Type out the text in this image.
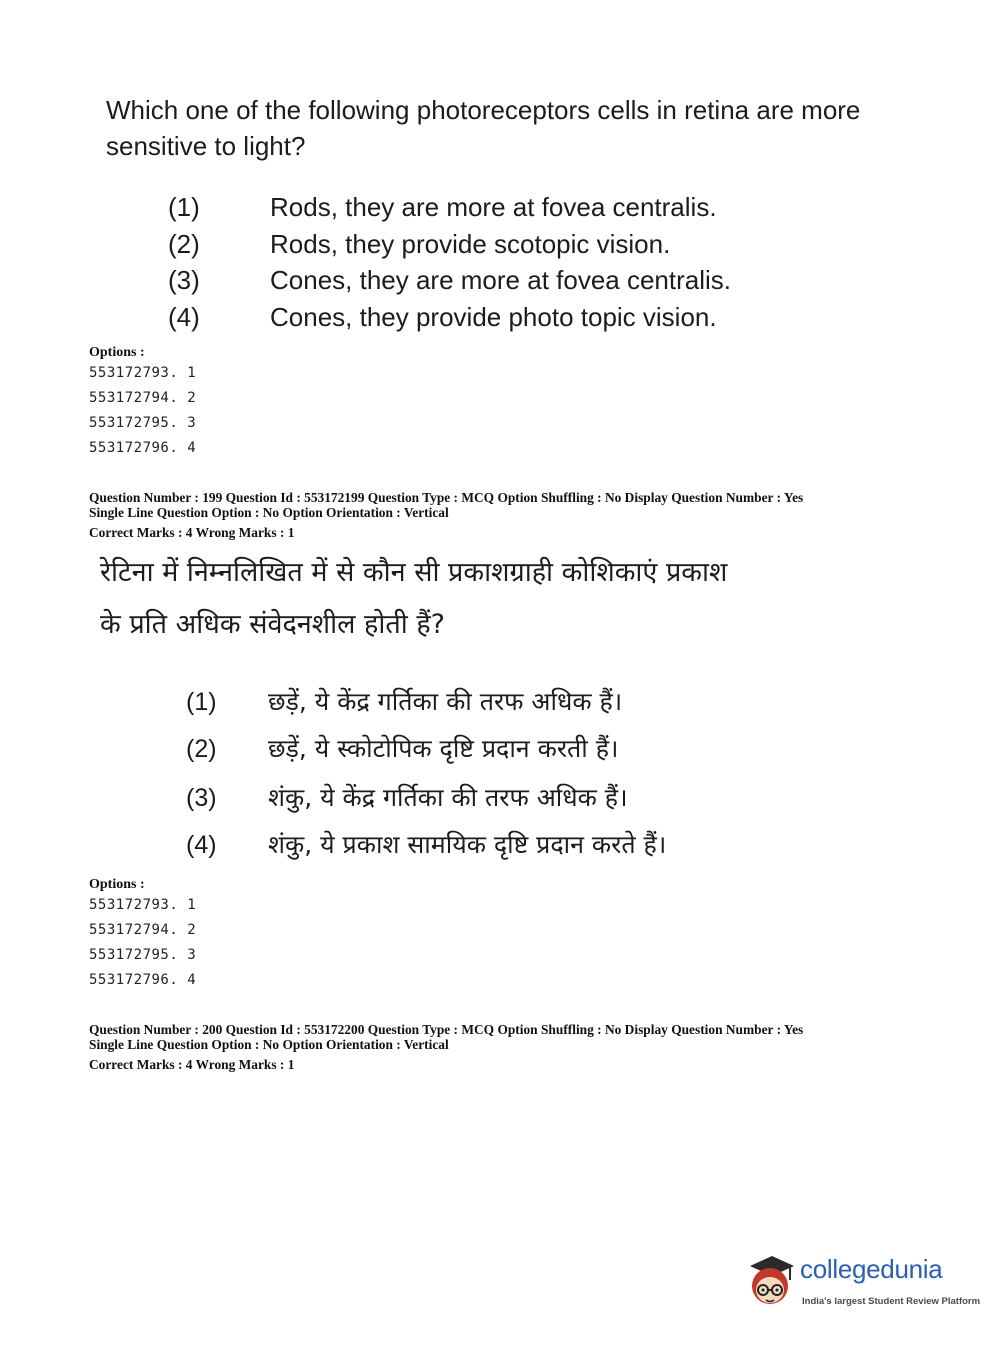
Which one of the following photoreceptors cells in retina are more sensitive to light?
(1)	Rods, they are more at fovea centralis.
(2)	Rods, they provide scotopic vision.
(3)	Cones, they are more at fovea centralis.
(4)	Cones, they provide photo topic vision.
Options :
553172793. 1
553172794. 2
553172795. 3
553172796. 4
Question Number : 199 Question Id : 553172199 Question Type : MCQ Option Shuffling : No Display Question Number : Yes
Single Line Question Option : No Option Orientation : Vertical
Correct Marks : 4 Wrong Marks : 1
रेटिना में निम्नलिखित में से कौन सी प्रकाशग्राही कोशिकाएं प्रकाश
के प्रति अधिक संवेदनशील होती हैं?
(1) छड़ें, ये केंद्र गर्तिका की तरफ अधिक हैं।
(2) छड़ें, ये स्कोटोपिक दृष्टि प्रदान करती हैं।
(3) शंकु, ये केंद्र गर्तिका की तरफ अधिक हैं।
(4) शंकु, ये प्रकाश सामयिक दृष्टि प्रदान करते हैं।
Options :
553172793. 1
553172794. 2
553172795. 3
553172796. 4
Question Number : 200 Question Id : 553172200 Question Type : MCQ Option Shuffling : No Display Question Number : Yes
Single Line Question Option : No Option Orientation : Vertical
Correct Marks : 4 Wrong Marks : 1
collegedunia
India's largest Student Review Platform
